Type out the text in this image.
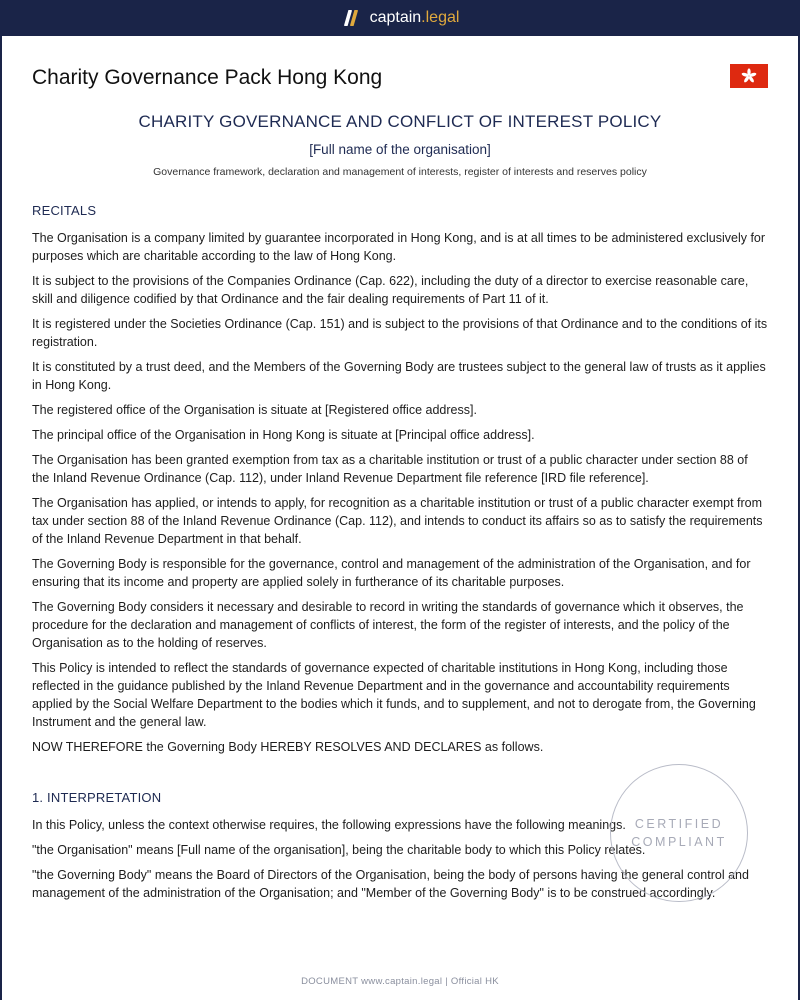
captain.legal
Charity Governance Pack Hong Kong
CHARITY GOVERNANCE AND CONFLICT OF INTEREST POLICY
[Full name of the organisation]
Governance framework, declaration and management of interests, register of interests and reserves policy
RECITALS

The Organisation is a company limited by guarantee incorporated in Hong Kong, and is at all times to be administered exclusively for purposes which are charitable according to the law of Hong Kong.

It is subject to the provisions of the Companies Ordinance (Cap. 622), including the duty of a director to exercise reasonable care, skill and diligence codified by that Ordinance and the fair dealing requirements of Part 11 of it.

It is registered under the Societies Ordinance (Cap. 151) and is subject to the provisions of that Ordinance and to the conditions of its registration.

It is constituted by a trust deed, and the Members of the Governing Body are trustees subject to the general law of trusts as it applies in Hong Kong.

The registered office of the Organisation is situate at [Registered office address].

The principal office of the Organisation in Hong Kong is situate at [Principal office address].

The Organisation has been granted exemption from tax as a charitable institution or trust of a public character under section 88 of the Inland Revenue Ordinance (Cap. 112), under Inland Revenue Department file reference [IRD file reference].

The Organisation has applied, or intends to apply, for recognition as a charitable institution or trust of a public character exempt from tax under section 88 of the Inland Revenue Ordinance (Cap. 112), and intends to conduct its affairs so as to satisfy the requirements of the Inland Revenue Department in that behalf.

The Governing Body is responsible for the governance, control and management of the administration of the Organisation, and for ensuring that its income and property are applied solely in furtherance of its charitable purposes.

The Governing Body considers it necessary and desirable to record in writing the standards of governance which it observes, the procedure for the declaration and management of conflicts of interest, the form of the register of interests, and the policy of the Organisation as to the holding of reserves.

This Policy is intended to reflect the standards of governance expected of charitable institutions in Hong Kong, including those reflected in the guidance published by the Inland Revenue Department and in the governance and accountability requirements applied by the Social Welfare Department to the bodies which it funds, and to supplement, and not to derogate from, the Governing Instrument and the general law.

NOW THEREFORE the Governing Body HEREBY RESOLVES AND DECLARES as follows.

1. INTERPRETATION

In this Policy, unless the context otherwise requires, the following expressions have the following meanings.

"the Organisation" means [Full name of the organisation], being the charitable body to which this Policy relates.

"the Governing Body" means the Board of Directors of the Organisation, being the body of persons having the general control and management of the administration of the Organisation; and "Member of the Governing Body" is to be construed accordingly.

DOCUMENT www.captain.legal | Official HK
CERTIFIED
COMPLIANT
